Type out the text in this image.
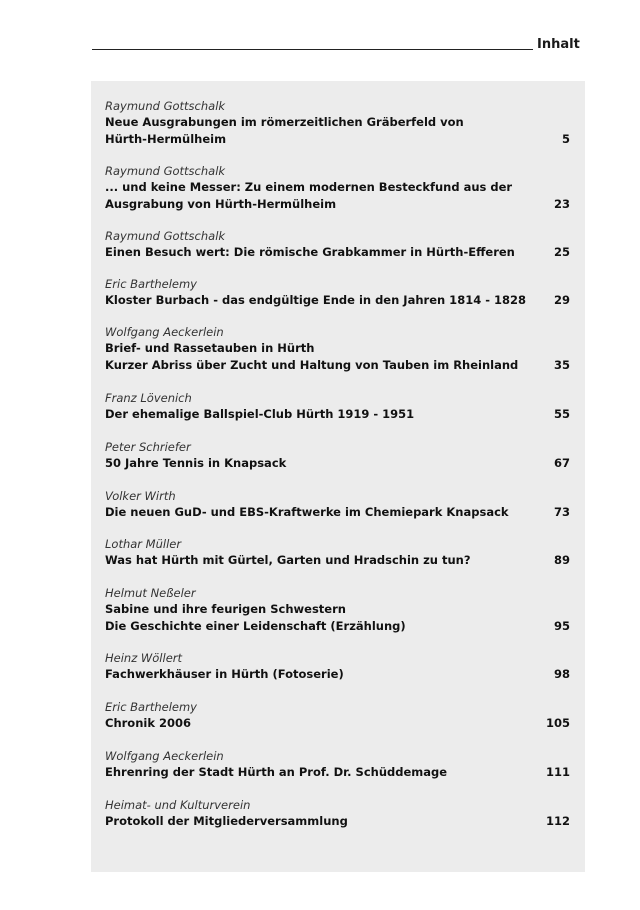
Inhalt
Raymund Gottschalk
Neue Ausgrabungen im römerzeitlichen Gräberfeld von
Hürth-Hermülheim	5
Raymund Gottschalk
... und keine Messer: Zu einem modernen Besteckfund aus der
Ausgrabung von Hürth-Hermülheim	23
Raymund Gottschalk
Einen Besuch wert: Die römische Grabkammer in Hürth-Efferen	25
Eric Barthelemy
Kloster Burbach - das endgültige Ende in den Jahren 1814 - 1828	29
Wolfgang Aeckerlein
Brief- und Rassetauben in Hürth
Kurzer Abriss über Zucht und Haltung von Tauben im Rheinland	35
Franz Lövenich
Der ehemalige Ballspiel-Club Hürth 1919 - 1951	55
Peter Schriefer
50 Jahre Tennis in Knapsack	67
Volker Wirth
Die neuen GuD- und EBS-Kraftwerke im Chemiepark Knapsack	73
Lothar Müller
Was hat Hürth mit Gürtel, Garten und Hradschin zu tun?	89
Helmut Neßeler
Sabine und ihre feurigen Schwestern
Die Geschichte einer Leidenschaft (Erzählung)	95
Heinz Wöllert
Fachwerkhäuser in Hürth (Fotoserie)	98
Eric Barthelemy
Chronik 2006	105
Wolfgang Aeckerlein
Ehrenring der Stadt Hürth an Prof. Dr. Schüddemage	111
Heimat- und Kulturverein
Protokoll der Mitgliederversammlung	112
